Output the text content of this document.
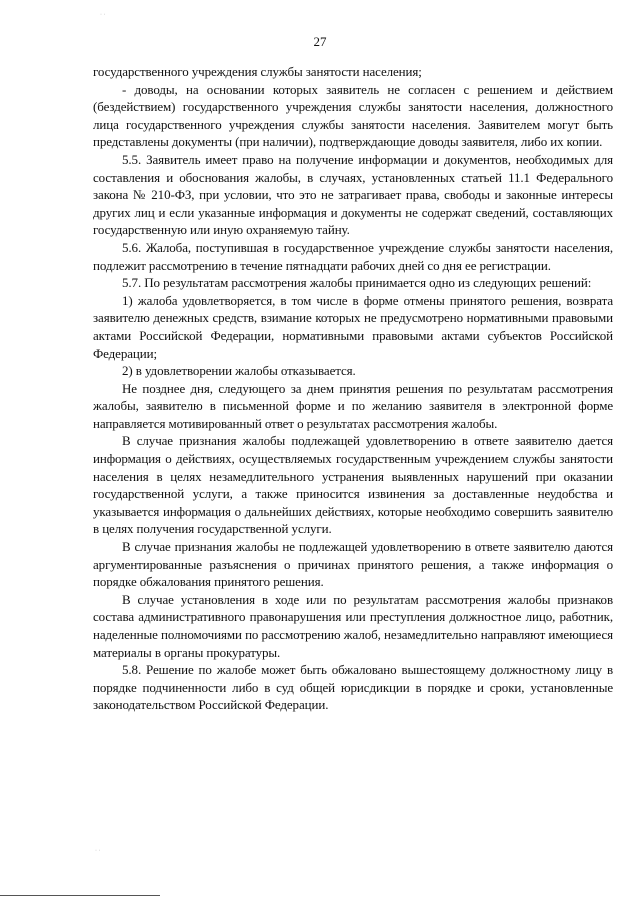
27

государственного учреждения службы занятости населения;

- доводы, на основании которых заявитель не согласен с решением и действием (бездействием) государственного учреждения службы занятости населения, должностного лица государственного учреждения службы занятости населения. Заявителем могут быть представлены документы (при наличии), подтверждающие доводы заявителя, либо их копии.

5.5. Заявитель имеет право на получение информации и документов, необходимых для составления и обоснования жалобы, в случаях, установленных статьей 11.1 Федерального закона № 210-ФЗ, при условии, что это не затрагивает права, свободы и законные интересы других лиц и если указанные информация и документы не содержат сведений, составляющих государственную или иную охраняемую тайну.

5.6. Жалоба, поступившая в государственное учреждение службы занятости населения, подлежит рассмотрению в течение пятнадцати рабочих дней со дня ее регистрации.

5.7. По результатам рассмотрения жалобы принимается одно из следующих решений:

1) жалоба удовлетворяется, в том числе в форме отмены принятого решения, возврата заявителю денежных средств, взимание которых не предусмотрено нормативными правовыми актами Российской Федерации, нормативными правовыми актами субъектов Российской Федерации;

2) в удовлетворении жалобы отказывается.

Не позднее дня, следующего за днем принятия решения по результатам рассмотрения жалобы, заявителю в письменной форме и по желанию заявителя в электронной форме направляется мотивированный ответ о результатах рассмотрения жалобы.

В случае признания жалобы подлежащей удовлетворению в ответе заявителю дается информация о действиях, осуществляемых государственным учреждением службы занятости населения в целях незамедлительного устранения выявленных нарушений при оказании государственной услуги, а также приносится извинения за доставленные неудобства и указывается информация о дальнейших действиях, которые необходимо совершить заявителю в целях получения государственной услуги.

В случае признания жалобы не подлежащей удовлетворению в ответе заявителю даются аргументированные разъяснения о причинах принятого решения, а также информация о порядке обжалования принятого решения.

В случае установления в ходе или по результатам рассмотрения жалобы признаков состава административного правонарушения или преступления должностное лицо, работник, наделенные полномочиями по рассмотрению жалоб, незамедлительно направляют имеющиеся материалы в органы прокуратуры.

5.8. Решение по жалобе может быть обжаловано вышестоящему должностному лицу в порядке подчиненности либо в суд общей юрисдикции в порядке и сроки, установленные законодательством Российской Федерации.

· ·
· ·
